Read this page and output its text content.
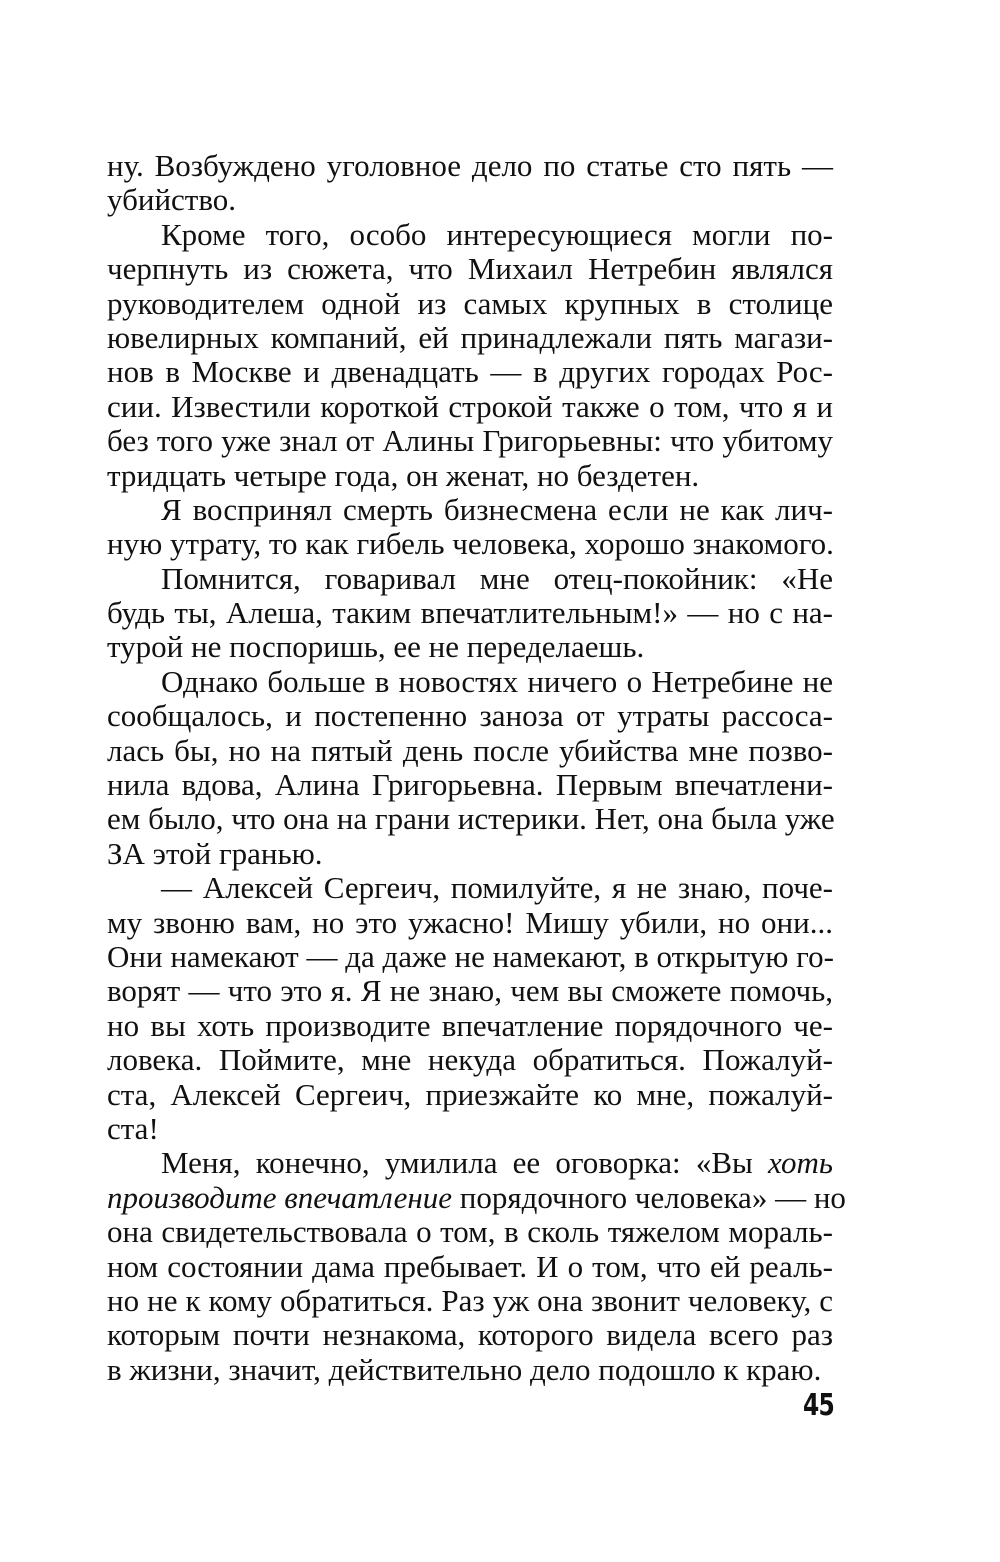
ну. Возбуждено уголовное дело по статье сто пять —
убийство.
Кроме того, особо интересующиеся могли по-
черпнуть из сюжета, что Михаил Нетребин являлся
руководителем одной из самых крупных в столице
ювелирных компаний, ей принадлежали пять магази-
нов в Москве и двенадцать — в других городах Рос-
сии. Известили короткой строкой также о том, что я и
без того уже знал от Алины Григорьевны: что убитому
тридцать четыре года, он женат, но бездетен.
Я воспринял смерть бизнесмена если не как лич-
ную утрату, то как гибель человека, хорошо знакомого.
Помнится, говаривал мне отец-покойник: «Не
будь ты, Алеша, таким впечатлительным!» — но с на-
турой не поспоришь, ее не переделаешь.
Однако больше в новостях ничего о Нетребине не
сообщалось, и постепенно заноза от утраты рассоса-
лась бы, но на пятый день после убийства мне позво-
нила вдова, Алина Григорьевна. Первым впечатлени-
ем было, что она на грани истерики. Нет, она была уже
ЗА этой гранью.
— Алексей Сергеич, помилуйте, я не знаю, поче-
му звоню вам, но это ужасно! Мишу убили, но они...
Они намекают — да даже не намекают, в открытую го-
ворят — что это я. Я не знаю, чем вы сможете помочь,
но вы хоть производите впечатление порядочного че-
ловека. Поймите, мне некуда обратиться. Пожалуй-
ста, Алексей Сергеич, приезжайте ко мне, пожалуй-
ста!
Меня, конечно, умилила ее оговорка: «Вы хоть
производите впечатление порядочного человека» — но
она свидетельствовала о том, в сколь тяжелом мораль-
ном состоянии дама пребывает. И о том, что ей реаль-
но не к кому обратиться. Раз уж она звонит человеку, с
которым почти незнакома, которого видела всего раз
в жизни, значит, действительно дело подошло к краю.
45
